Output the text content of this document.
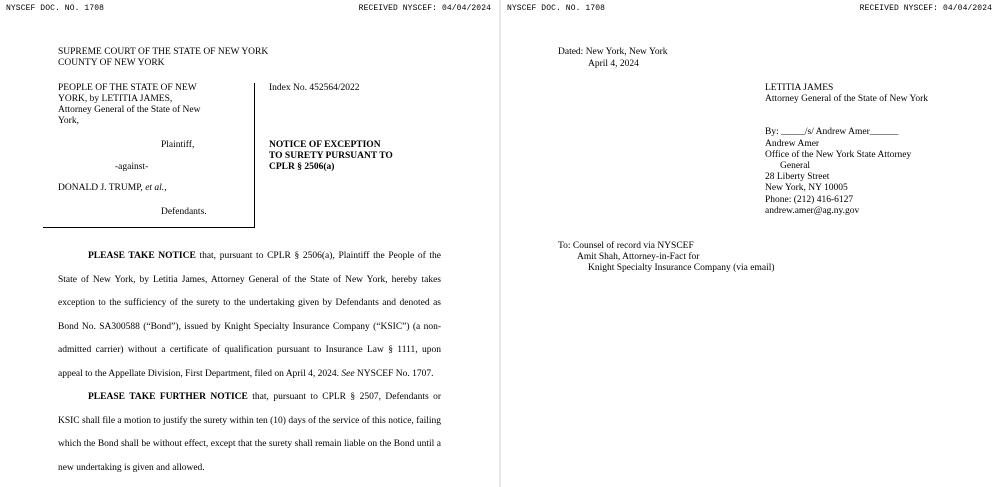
NYSCEF DOC. NO. 1708	RECEIVED NYSCEF: 04/04/2024
SUPREME COURT OF THE STATE OF NEW YORK
COUNTY OF NEW YORK
PEOPLE OF THE STATE OF NEW
YORK, by LETITIA JAMES,
Attorney General of the State of New
York,
Plaintiff,
-against-
DONALD J. TRUMP, et al.,
Defendants.
Index No. 452564/2022
NOTICE OF EXCEPTION
TO SURETY PURSUANT TO
CPLR § 2506(a)

PLEASE TAKE NOTICE that, pursuant to CPLR § 2506(a), Plaintiff the People of the State of New York, by Letitia James, Attorney General of the State of New York, hereby takes exception to the sufficiency of the surety to the undertaking given by Defendants and denoted as Bond No. SA300588 (“Bond”), issued by Knight Specialty Insurance Company (“KSIC”) (a non-admitted carrier) without a certificate of qualification pursuant to Insurance Law § 1111, upon appeal to the Appellate Division, First Department, filed on April 4, 2024. See NYSCEF No. 1707.

PLEASE TAKE FURTHER NOTICE that, pursuant to CPLR § 2507, Defendants or KSIC shall file a motion to justify the surety within ten (10) days of the service of this notice, failing which the Bond shall be without effect, except that the surety shall remain liable on the Bond until a new undertaking is given and allowed.

NYSCEF DOC. NO. 1708	RECEIVED NYSCEF: 04/04/2024
Dated: New York, New York
April 4, 2024
LETITIA JAMES
Attorney General of the State of New York
By: _____/s/ Andrew Amer______
Andrew Amer
Office of the New York State Attorney
General
28 Liberty Street
New York, NY 10005
Phone: (212) 416-6127
andrew.amer@ag.ny.gov
To: Counsel of record via NYSCEF
Amit Shah, Attorney-in-Fact for
Knight Specialty Insurance Company (via email)
